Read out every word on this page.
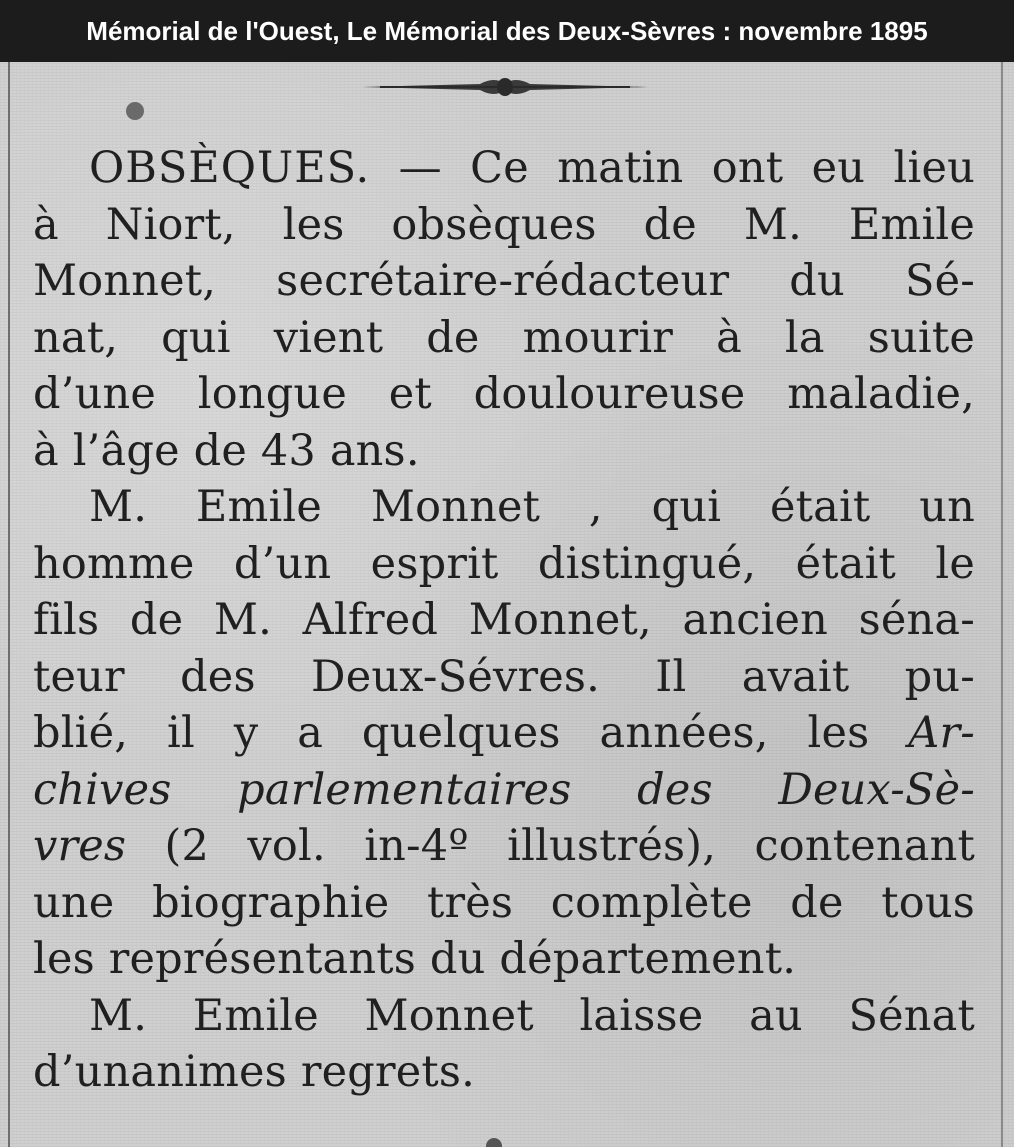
Mémorial de l'Ouest, Le Mémorial des Deux-Sèvres : novembre 1895
OBSÈQUES. — Ce matin ont eu lieu
à Niort, les obsèques de M. Emile
Monnet, secrétaire-rédacteur du Sé-
nat, qui vient de mourir à la suite
d’une longue et douloureuse maladie,
à l’âge de 43 ans.
M. Emile Monnet , qui était un
homme d’un esprit distingué, était le
fils de M. Alfred Monnet, ancien séna-
teur des Deux-Sévres. Il avait pu-
blié, il y a quelques années, les Ar-
chives parlementaires des Deux-Sè-
vres (2 vol. in-4º illustrés), contenant
une biographie très complète de tous
les représentants du département.
M. Emile Monnet laisse au Sénat
d’unanimes regrets.
